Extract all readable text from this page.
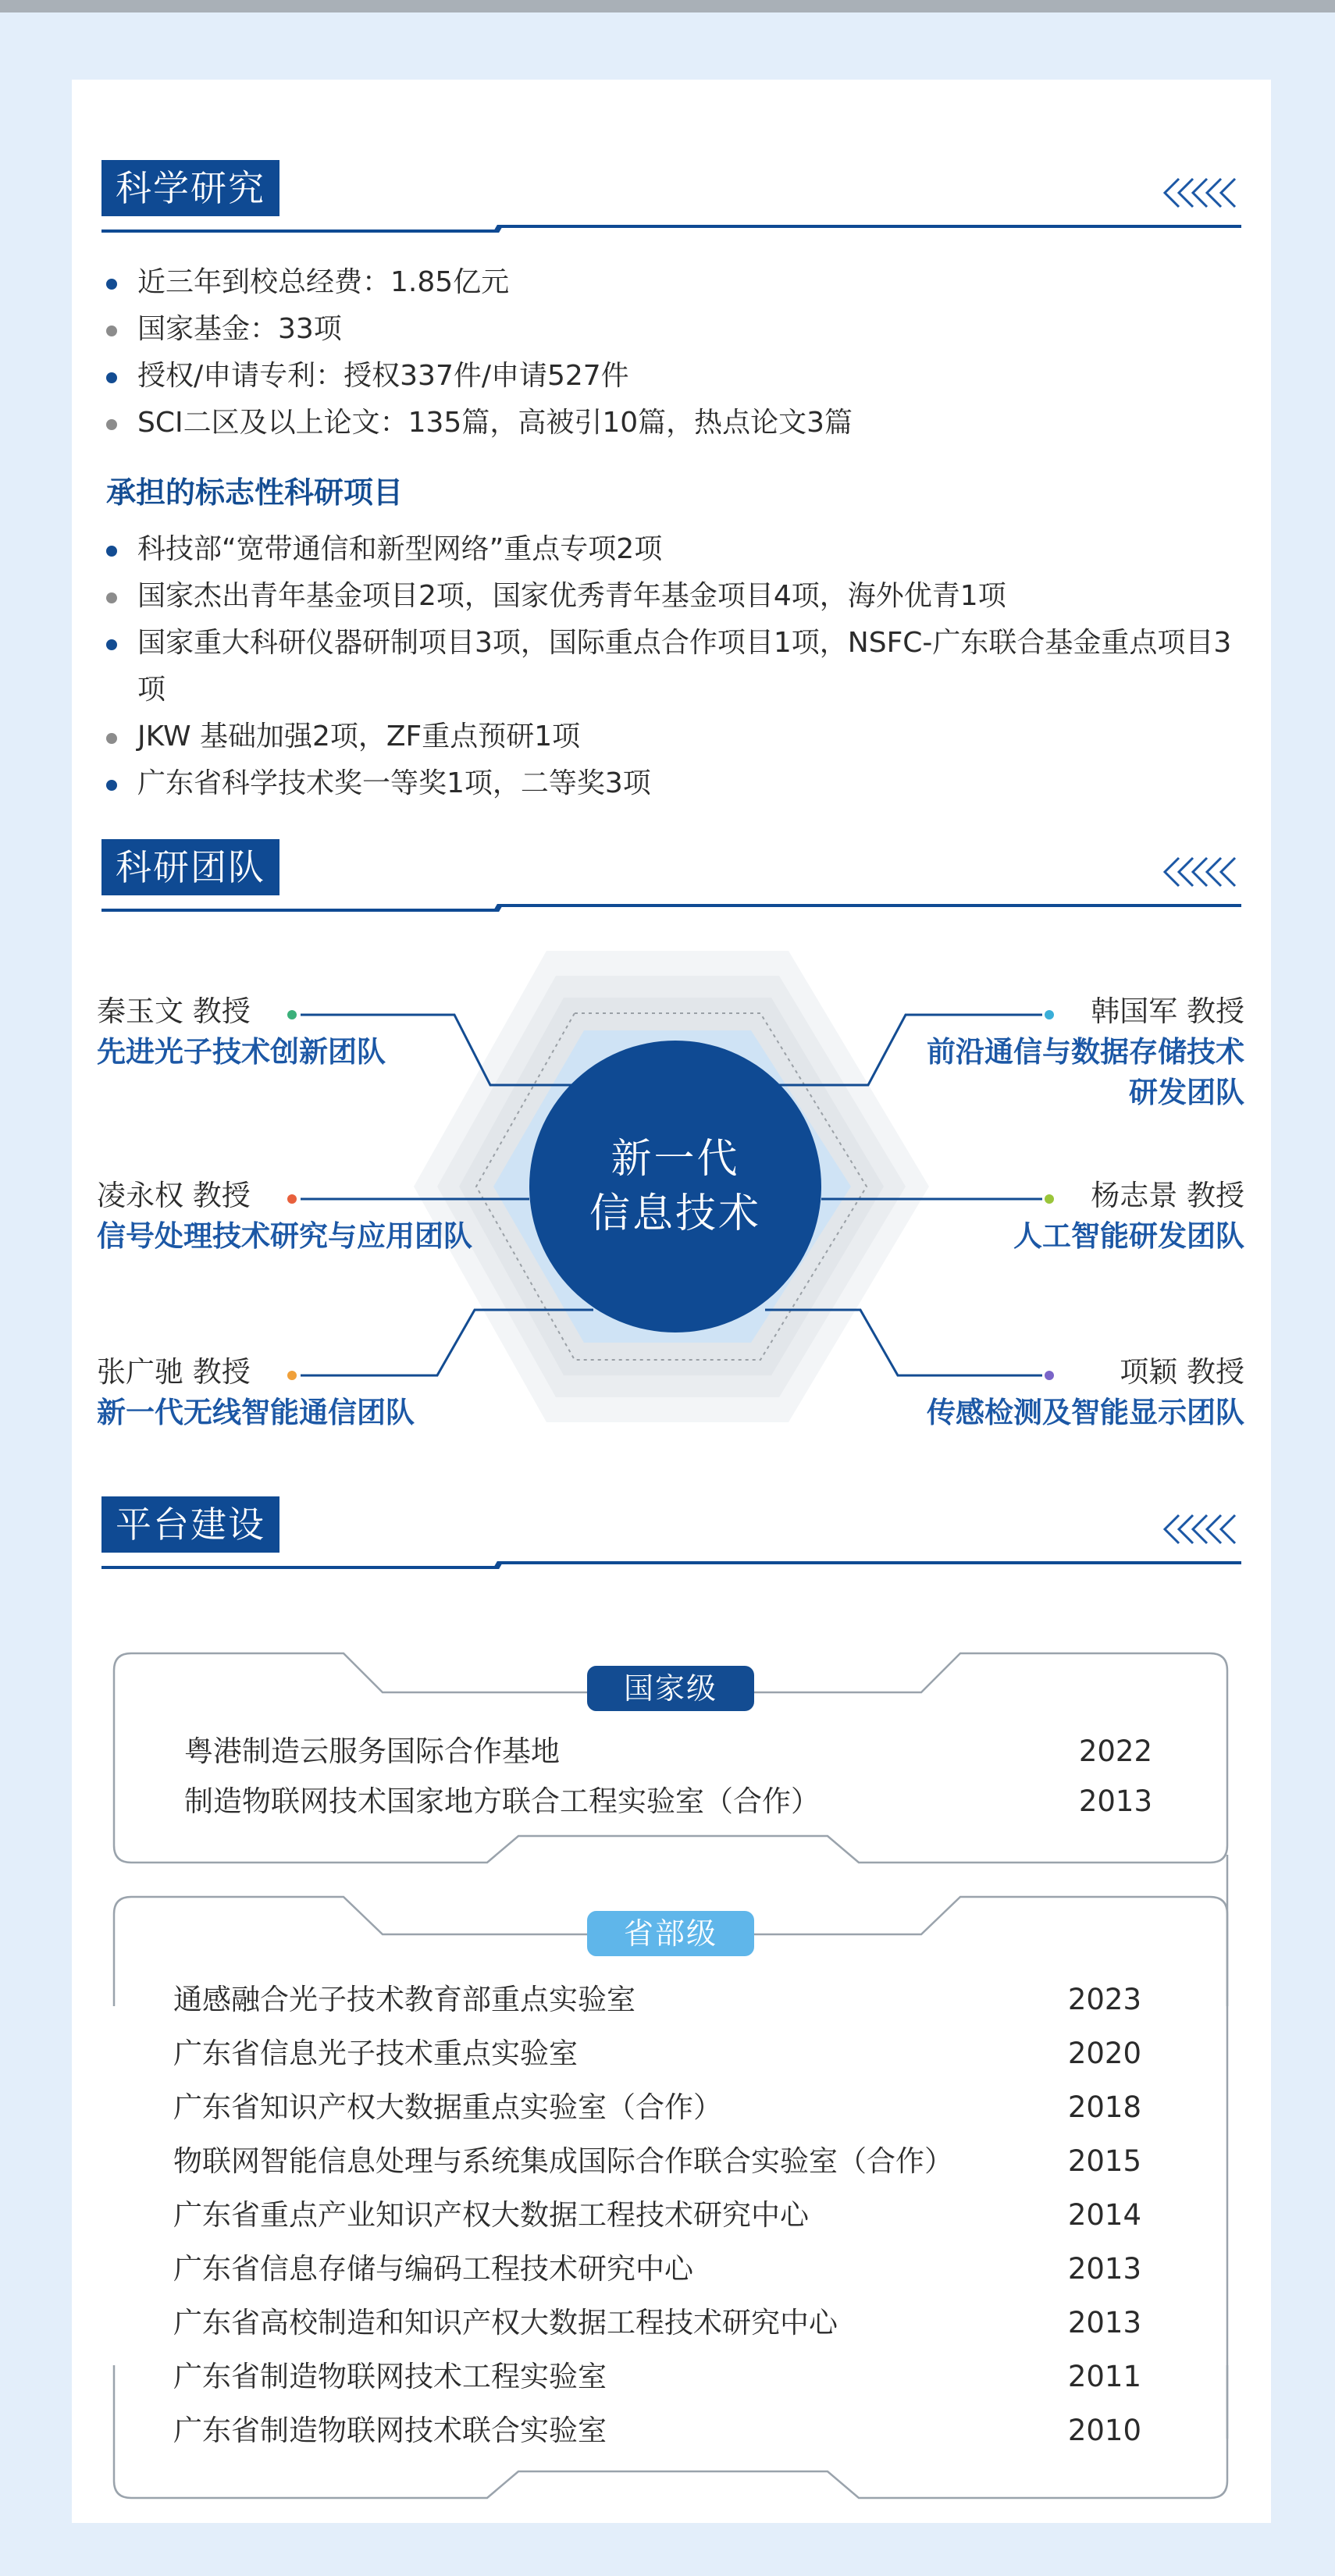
科学研究
近三年到校总经费：1.85亿元
国家基金：33项
授权/申请专利：授权337件/申请527件
SCI二区及以上论文：135篇，高被引10篇，热点论文3篇
承担的标志性科研项目
科技部“宽带通信和新型网络”重点专项2项
国家杰出青年基金项目2项，国家优秀青年基金项目4项，海外优青1项
国家重大科研仪器研制项目3项，国际重点合作项目1项，NSFC-广东联合基金重点项目3项
JKW 基础加强2项，ZF重点预研1项
广东省科学技术奖一等奖1项，二等奖3项
科研团队
新一代
信息技术
秦玉文 教授
先进光子技术创新团队
凌永权 教授
信号处理技术研究与应用团队
张广驰 教授
新一代无线智能通信团队
韩国军 教授
前沿通信与数据存储技术
研发团队
杨志景 教授
人工智能研发团队
项颖 教授
传感检测及智能显示团队
平台建设
国家级
粤港制造云服务国际合作基地	2022
制造物联网技术国家地方联合工程实验室（合作）	2013
省部级
通感融合光子技术教育部重点实验室	2023
广东省信息光子技术重点实验室	2020
广东省知识产权大数据重点实验室（合作）	2018
物联网智能信息处理与系统集成国际合作联合实验室（合作）	2015
广东省重点产业知识产权大数据工程技术研究中心	2014
广东省信息存储与编码工程技术研究中心	2013
广东省高校制造和知识产权大数据工程技术研究中心	2013
广东省制造物联网技术工程实验室	2011
广东省制造物联网技术联合实验室	2010
